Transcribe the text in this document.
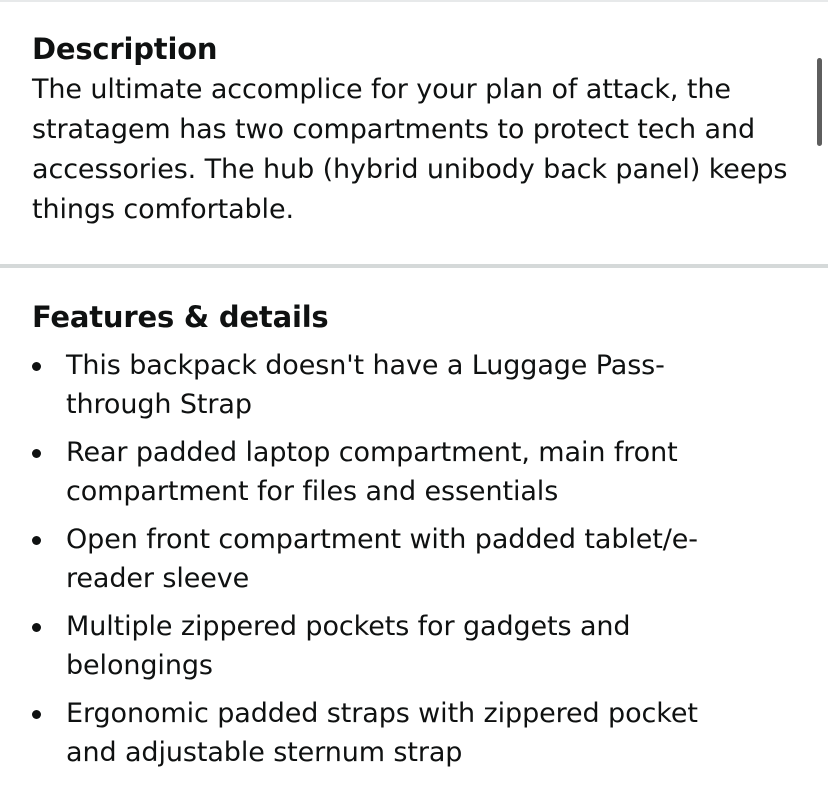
Description

The ultimate accomplice for your plan of attack, the stratagem has two compartments to protect tech and accessories. The hub (hybrid unibody back panel) keeps things comfortable.

Features & details
This backpack doesn't have a Luggage Pass-through Strap
Rear padded laptop compartment, main front compartment for files and essentials
Open front compartment with padded tablet/e-reader sleeve
Multiple zippered pockets for gadgets and belongings
Ergonomic padded straps with zippered pocket and adjustable sternum strap
